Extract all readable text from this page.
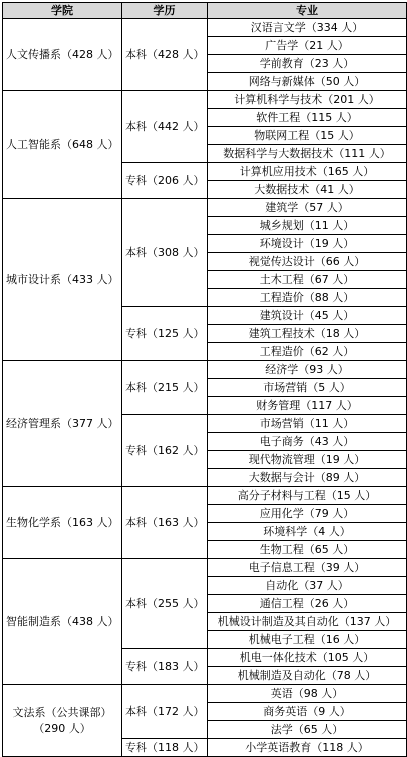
学院	学历	专业
人文传播系（428 人）	本科（428 人）	汉语言文学（334 人）
		广告学（21 人）
		学前教育（23 人）
		网络与新媒体（50 人）
人工智能系（648 人）	本科（442 人）	计算机科学与技术（201 人）
		软件工程（115 人）
		物联网工程（15 人）
		数据科学与大数据技术（111 人）
	专科（206 人）	计算机应用技术（165 人）
		大数据技术（41 人）
城市设计系（433 人）	本科（308 人）	建筑学（57 人）
		城乡规划（11 人）
		环境设计（19 人）
		视觉传达设计（66 人）
		土木工程（67 人）
		工程造价（88 人）
	专科（125 人）	建筑设计（45 人）
		建筑工程技术（18 人）
		工程造价（62 人）
经济管理系（377 人）	本科（215 人）	经济学（93 人）
		市场营销（5 人）
		财务管理（117 人）
	专科（162 人）	市场营销（11 人）
		电子商务（43 人）
		现代物流管理（19 人）
		大数据与会计（89 人）
生物化学系（163 人）	本科（163 人）	高分子材料与工程（15 人）
		应用化学（79 人）
		环境科学（4 人）
		生物工程（65 人）
智能制造系（438 人）	本科（255 人）	电子信息工程（39 人）
		自动化（37 人）
		通信工程（26 人）
		机械设计制造及其自动化（137 人）
		机械电子工程（16 人）
	专科（183 人）	机电一体化技术（105 人）
		机械制造及自动化（78 人）
文法系（公共课部）（290 人）	本科（172 人）	英语（98 人）
		商务英语（9 人）
		法学（65 人）
	专科（118 人）	小学英语教育（118 人）
